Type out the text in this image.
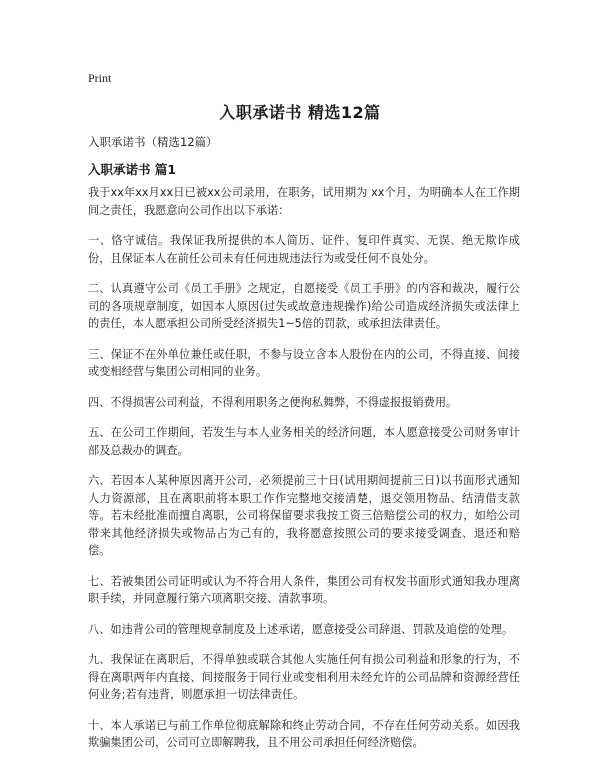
Print
入职承诺书 精选12篇
入职承诺书（精选12篇）
入职承诺书 篇1

我于xx年xx月xx日已被xx公司录用，在职务，试用期为 xx个月，为明确本人在工作期间之责任，我愿意向公司作出以下承诺：

一、恪守诚信。我保证我所提供的本人简历、证件、复印件真实、无误、绝无欺诈成份，且保证本人在前任公司未有任何违规违法行为或受任何不良处分。

二、认真遵守公司《员工手册》之规定，自愿接受《员工手册》的内容和裁决，履行公司的各项规章制度，如因本人原因(过失或故意违规操作)给公司造成经济损失或法律上的责任，本人愿承担公司所受经济损失1~5倍的罚款，或承担法律责任。

三、保证不在外单位兼任或任职，不参与设立含本人股份在内的公司，不得直接、间接或变相经营与集团公司相同的业务。

四、不得损害公司利益，不得利用职务之便徇私舞弊，不得虚报报销费用。

五、在公司工作期间，若发生与本人业务相关的经济问题，本人愿意接受公司财务审计部及总裁办的调查。

六、若因本人某种原因离开公司，必须提前三十日(试用期间提前三日)以书面形式通知人力资源部，且在离职前将本职工作作完整地交接清楚，退交领用物品、结清借支款等。若未经批准而擅自离职，公司将保留要求我按工资三倍赔偿公司的权力，如给公司带来其他经济损失或物品占为己有的，我将愿意按照公司的要求接受调查、退还和赔偿。

七、若被集团公司证明或认为不符合用人条件，集团公司有权发书面形式通知我办理离职手续，并同意履行第六项离职交接、清款事项。

八、如违背公司的管理规章制度及上述承诺，愿意接受公司辞退、罚款及追偿的处理。

九、我保证在离职后，不得单独或联合其他人实施任何有损公司利益和形象的行为，不得在离职两年内直接、间接服务于同行业或变相利用未经允许的公司品牌和资源经营任何业务;若有违背，则愿承担一切法律责任。

十、本人承诺已与前工作单位彻底解除和终止劳动合同，不存在任何劳动关系。如因我欺骗集团公司，公司可立即解聘我，且不用公司承担任何经济赔偿。
